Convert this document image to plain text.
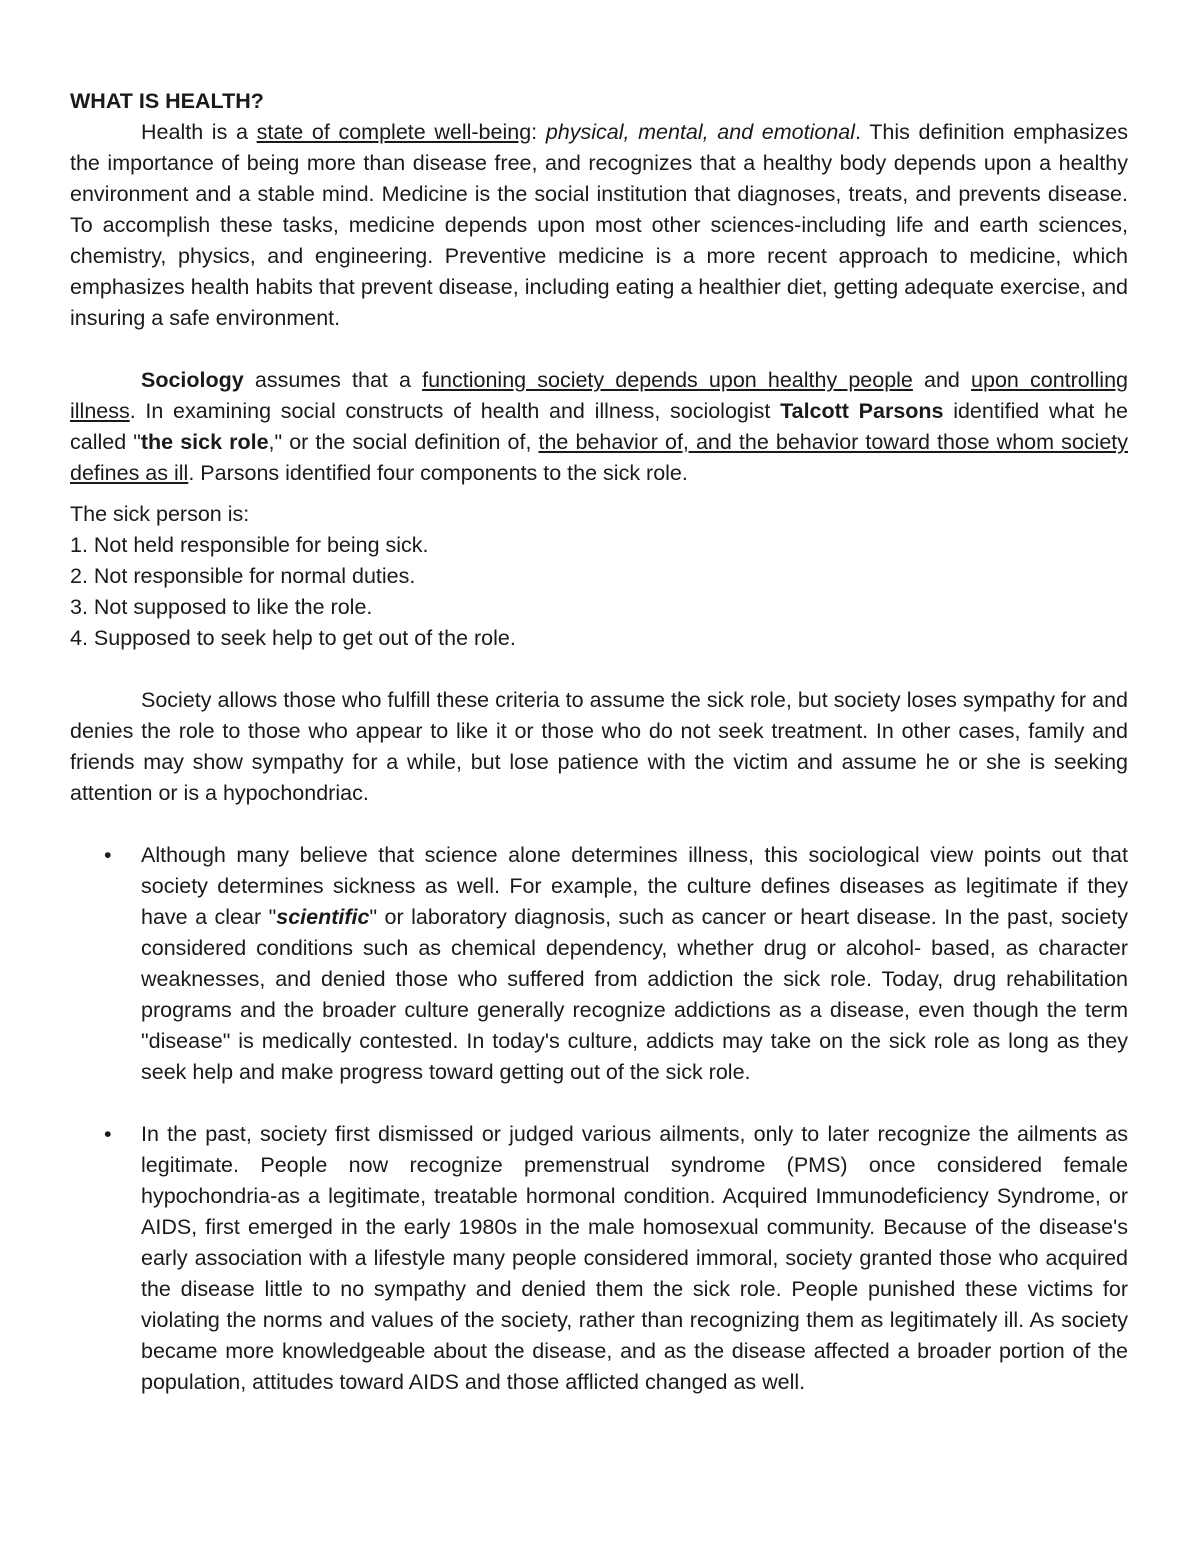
WHAT IS HEALTH?

Health is a state of complete well-being: physical, mental, and emotional. This definition emphasizes the importance of being more than disease free, and recognizes that a healthy body depends upon a healthy environment and a stable mind. Medicine is the social institution that diagnoses, treats, and prevents disease. To accomplish these tasks, medicine depends upon most other sciences-including life and earth sciences, chemistry, physics, and engineering. Preventive medicine is a more recent approach to medicine, which emphasizes health habits that prevent disease, including eating a healthier diet, getting adequate exercise, and insuring a safe environment.

Sociology assumes that a functioning society depends upon healthy people and upon controlling illness. In examining social constructs of health and illness, sociologist Talcott Parsons identified what he called "the sick role," or the social definition of, the behavior of, and the behavior toward those whom society defines as ill. Parsons identified four components to the sick role.

The sick person is:
1. Not held responsible for being sick.
2. Not responsible for normal duties.
3. Not supposed to like the role.
4. Supposed to seek help to get out of the role.

Society allows those who fulfill these criteria to assume the sick role, but society loses sympathy for and denies the role to those who appear to like it or those who do not seek treatment. In other cases, family and friends may show sympathy for a while, but lose patience with the victim and assume he or she is seeking attention or is a hypochondriac.

• Although many believe that science alone determines illness, this sociological view points out that society determines sickness as well. For example, the culture defines diseases as legitimate if they have a clear "scientific" or laboratory diagnosis, such as cancer or heart disease. In the past, society considered conditions such as chemical dependency, whether drug or alcohol- based, as character weaknesses, and denied those who suffered from addiction the sick role. Today, drug rehabilitation programs and the broader culture generally recognize addictions as a disease, even though the term "disease" is medically contested. In today's culture, addicts may take on the sick role as long as they seek help and make progress toward getting out of the sick role.
• In the past, society first dismissed or judged various ailments, only to later recognize the ailments as legitimate. People now recognize premenstrual syndrome (PMS) once considered female hypochondria-as a legitimate, treatable hormonal condition. Acquired Immunodeficiency Syndrome, or AIDS, first emerged in the early 1980s in the male homosexual community. Because of the disease's early association with a lifestyle many people considered immoral, society granted those who acquired the disease little to no sympathy and denied them the sick role. People punished these victims for violating the norms and values of the society, rather than recognizing them as legitimately ill. As society became more knowledgeable about the disease, and as the disease affected a broader portion of the population, attitudes toward AIDS and those afflicted changed as well.
